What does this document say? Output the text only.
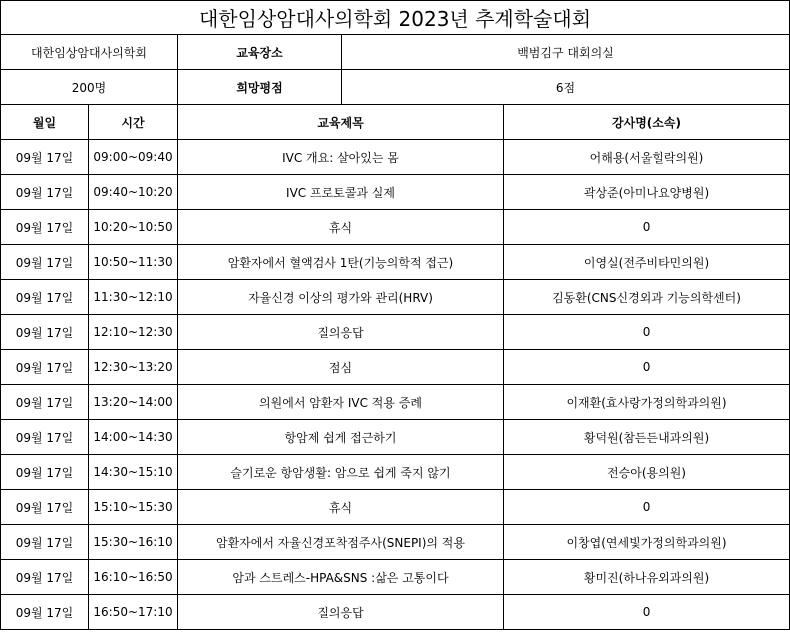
대한임상암대사의학회 2023년 추계학술대회				
대한임상암대사의학회		교육장소	백범김구 대회의실	
200명		희망평점	6점	
월일	시간	교육제목		강사명(소속)
09월 17일	09:00~09:40	IVC 개요: 살아있는 몸		어해용(서울힐락의원)
09월 17일	09:40~10:20	IVC 프로토콜과 실제		곽상준(아미나요양병원)
09월 17일	10:20~10:50	휴식		0
09월 17일	10:50~11:30	암환자에서 혈액검사 1탄(기능의학적 접근)		이영실(전주비타민의원)
09월 17일	11:30~12:10	자율신경 이상의 평가와 관리(HRV)		김동환(CNS신경외과 기능의학센터)
09월 17일	12:10~12:30	질의응답		0
09월 17일	12:30~13:20	점심		0
09월 17일	13:20~14:00	의원에서 암환자 IVC 적용 증례		이재환(효사랑가정의학과의원)
09월 17일	14:00~14:30	항암제 쉽게 접근하기		황덕원(참든든내과의원)
09월 17일	14:30~15:10	슬기로운 항암생활: 암으로 쉽게 죽지 않기		전승아(용의원)
09월 17일	15:10~15:30	휴식		0
09월 17일	15:30~16:10	암환자에서 자율신경포착점주사(SNEPI)의 적용		이창엽(연세빛가정의학과의원)
09월 17일	16:10~16:50	암과 스트레스-HPA&SNS :삶은 고통이다		황미진(하나유외과의원)
09월 17일	16:50~17:10	질의응답		0
